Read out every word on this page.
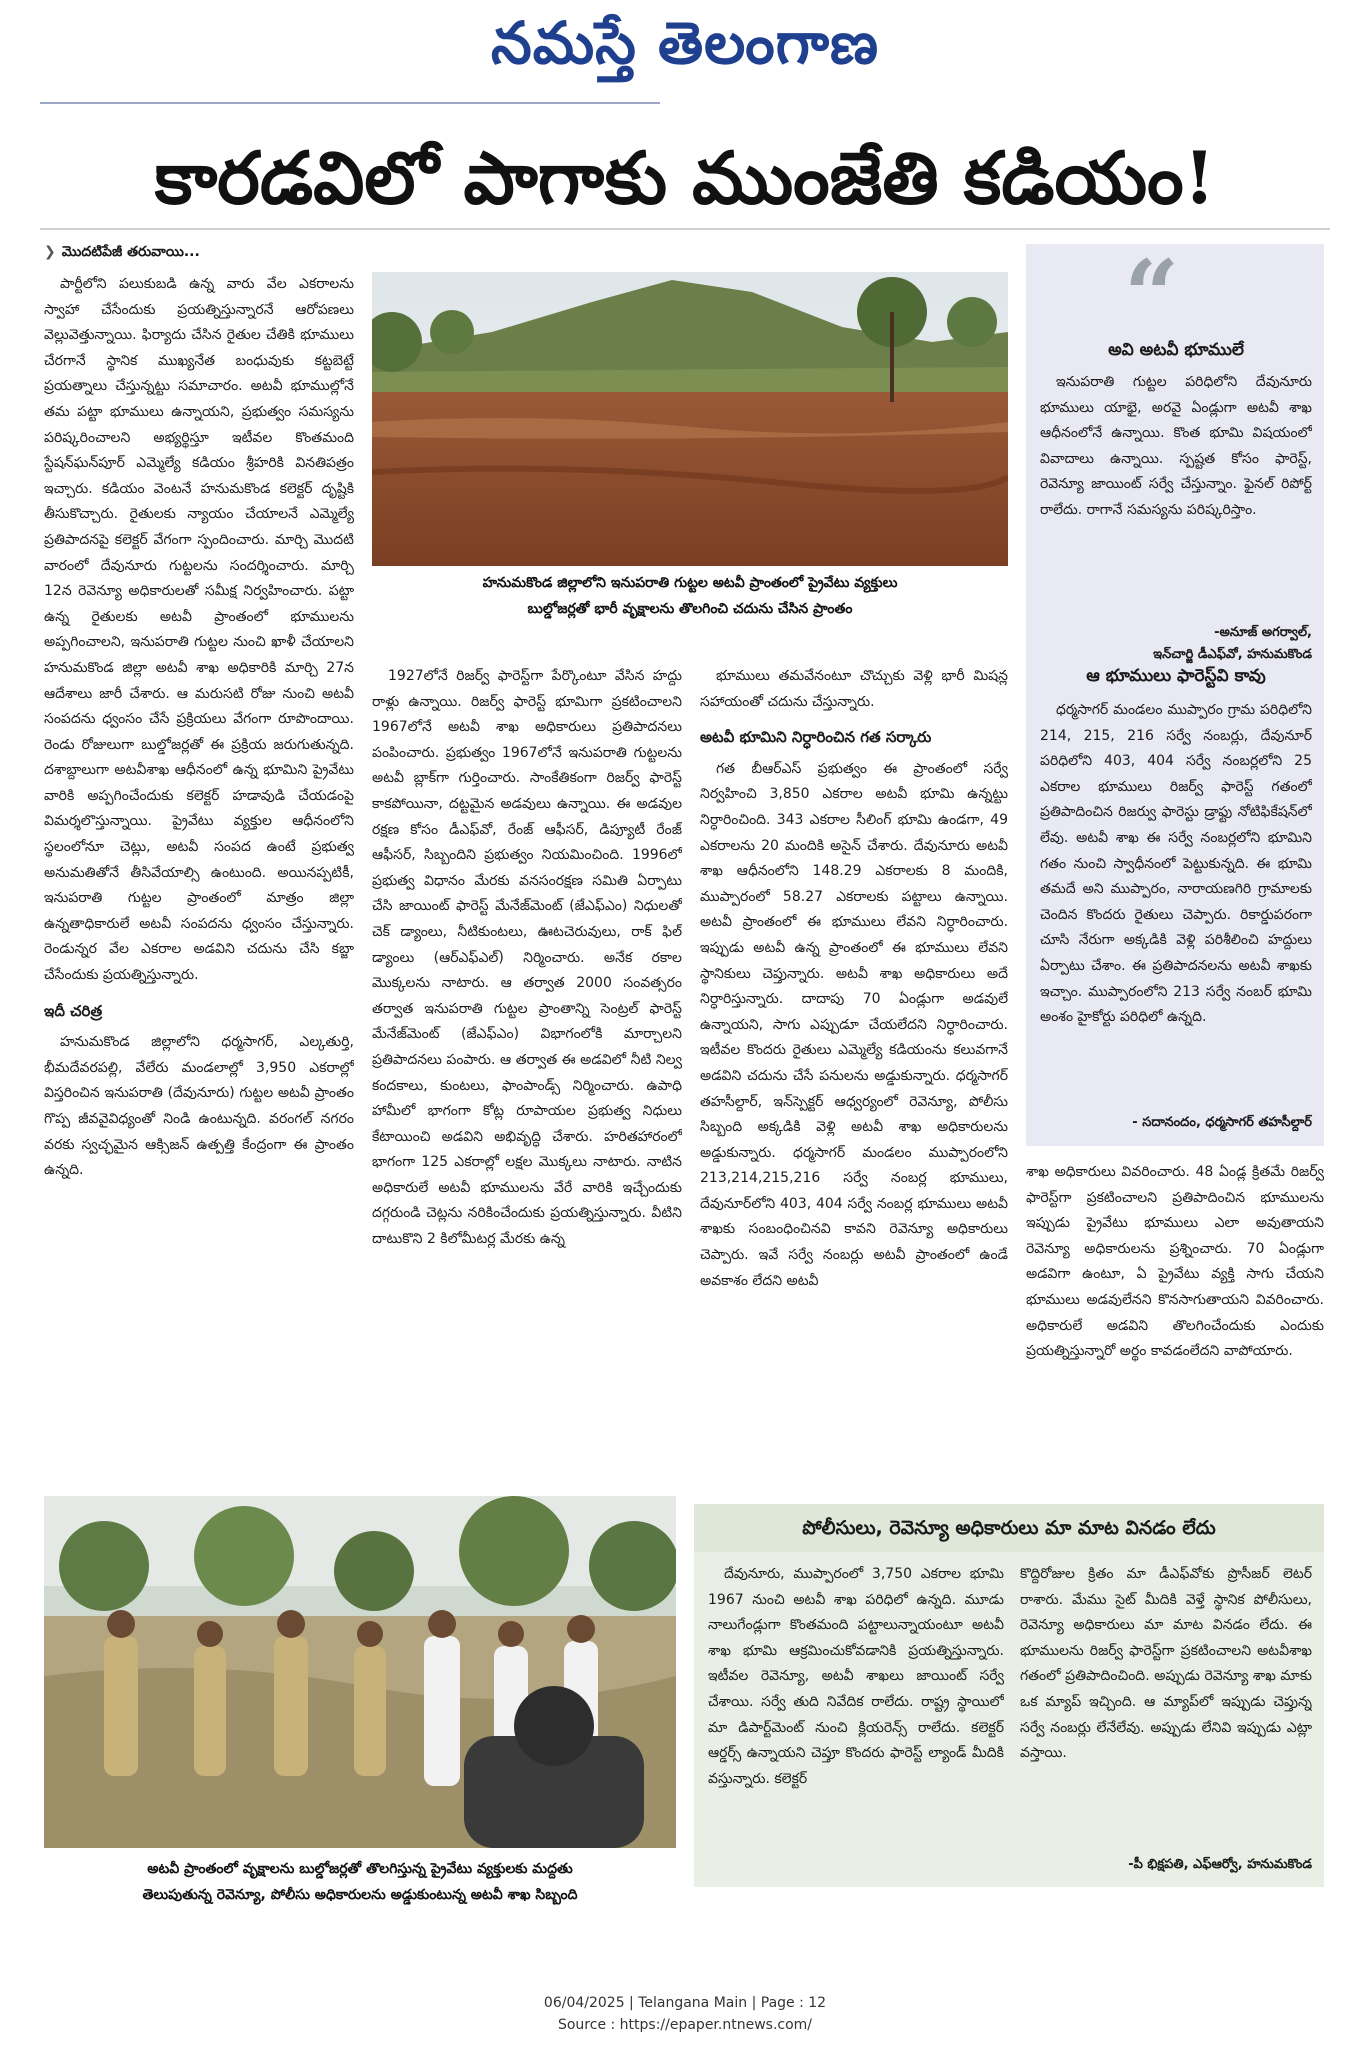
నమస్తే తెలంగాణ
కారడవిలో పాగాకు ముంజేతి కడియం!
❯ మొదటిపేజీ తరువాయి...

పార్టీలోని పలుకుబడి ఉన్న వారు వేల ఎకరాలను స్వాహా చేసేందుకు ప్రయత్నిస్తున్నారనే ఆరోపణలు వెల్లువెత్తున్నాయి. ఫిర్యాదు చేసిన రైతుల చేతికి భూములు చేరగానే స్థానిక ముఖ్యనేత బంధువుకు కట్టబెట్టే ప్రయత్నాలు చేస్తున్నట్టు సమాచారం. అటవీ భూముల్లోనే తమ పట్టా భూములు ఉన్నాయని, ప్రభుత్వం సమస్యను పరిష్కరించాలని అభ్యర్థిస్తూ ఇటీవల కొంతమంది స్టేషన్‌ఘన్‌పూర్ ఎమ్మెల్యే కడియం శ్రీహరికి వినతిపత్రం ఇచ్చారు. కడియం వెంటనే హనుమకొండ కలెక్టర్ దృష్టికి తీసుకొచ్చారు. రైతులకు న్యాయం చేయాలనే ఎమ్మెల్యే ప్రతిపాదనపై కలెక్టర్ వేగంగా స్పందించారు. మార్చి మొదటి వారంలో దేవునూరు గుట్టలను సందర్శించారు. మార్చి 12న రెవెన్యూ అధికారులతో సమీక్ష నిర్వహించారు. పట్టా ఉన్న రైతులకు అటవీ ప్రాంతంలో భూములను అప్పగించాలని, ఇనుపరాతి గుట్టల నుంచి ఖాళీ చేయాలని హనుమకొండ జిల్లా అటవీ శాఖ అధికారికి మార్చి 27న ఆదేశాలు జారీ చేశారు. ఆ మరుసటి రోజు నుంచి అటవీ సంపదను ధ్వంసం చేసే ప్రక్రియలు వేగంగా రూపొందాయి. రెండు రోజులుగా బుల్డోజర్లతో ఈ ప్రక్రియ జరుగుతున్నది. దశాబ్దాలుగా అటవీశాఖ ఆధీనంలో ఉన్న భూమిని ప్రైవేటు వారికి అప్పగించేందుకు కలెక్టర్ హడావుడి చేయడంపై విమర్శలొస్తున్నాయి. ప్రైవేటు వ్యక్తుల ఆధీనంలోని స్థలంలోనూ చెట్లు, అటవీ సంపద ఉంటే ప్రభుత్వ అనుమతితోనే తీసివేయాల్సి ఉంటుంది. అయినప్పటికీ, ఇనుపరాతి గుట్టల ప్రాంతంలో మాత్రం జిల్లా ఉన్నతాధికారులే అటవీ సంపదను ధ్వంసం చేస్తున్నారు. రెండున్నర వేల ఎకరాల అడవిని చదును చేసి కబ్జా చేసేందుకు ప్రయత్నిస్తున్నారు.

ఇదీ చరిత్ర

హనుమకొండ జిల్లాలోని ధర్మసాగర్, ఎల్కతుర్తి, భీమదేవరపల్లి, వేలేరు మండలాల్లో 3,950 ఎకరాల్లో విస్తరించిన ఇనుపరాతి (దేవునూరు) గుట్టల అటవీ ప్రాంతం గొప్ప జీవవైవిధ్యంతో నిండి ఉంటున్నది. వరంగల్ నగరం వరకు స్వచ్ఛమైన ఆక్సిజన్ ఉత్పత్తి కేంద్రంగా ఈ ప్రాంతం ఉన్నది.

హనుమకొండ జిల్లాలోని ఇనుపరాతి గుట్టల అటవీ ప్రాంతంలో ప్రైవేటు వ్యక్తులు
బుల్డోజర్లతో భారీ వృక్షాలను తొలగించి చదును చేసిన ప్రాంతం

1927లోనే రిజర్వ్ ఫారెస్ట్‌గా పేర్కొంటూ వేసిన హద్దు రాళ్లు ఉన్నాయి. రిజర్వ్ ఫారెస్ట్ భూమిగా ప్రకటించాలని 1967లోనే అటవీ శాఖ అధికారులు ప్రతిపాదనలు పంపించారు. ప్రభుత్వం 1967లోనే ఇనుపరాతి గుట్టలను అటవీ బ్లాక్‌గా గుర్తించారు. సాంకేతికంగా రిజర్వ్ ఫారెస్ట్ కాకపోయినా, దట్టమైన అడవులు ఉన్నాయి. ఈ అడవుల రక్షణ కోసం డీఎఫ్‌వో, రేంజ్ ఆఫీసర్, డిప్యూటీ రేంజ్ ఆఫీసర్, సిబ్బందిని ప్రభుత్వం నియమించింది. 1996లో ప్రభుత్వ విధానం మేరకు వనసంరక్షణ సమితి ఏర్పాటు చేసి జాయింట్ ఫారెస్ట్ మేనేజ్‌మెంట్ (జేఎఫ్‌ఎం) నిధులతో చెక్ డ్యాంలు, నీటికుంటలు, ఊటచెరువులు, రాక్ ఫిల్ డ్యాంలు (ఆర్‌ఎఫ్‌ఎల్) నిర్మించారు. అనేక రకాల మొక్కలను నాటారు. ఆ తర్వాత 2000 సంవత్సరం తర్వాత ఇనుపరాతి గుట్టల ప్రాంతాన్ని సెంట్రల్ ఫారెస్ట్ మేనేజ్‌మెంట్ (జేఎఫ్‌ఎం) విభాగంలోకి మార్చాలని ప్రతిపాదనలు పంపారు. ఆ తర్వాత ఈ అడవిలో నీటి నిల్వ కందకాలు, కుంటలు, ఫాంపాండ్స్ నిర్మించారు. ఉపాధి హామీలో భాగంగా కోట్ల రూపాయల ప్రభుత్వ నిధులు కేటాయించి అడవిని అభివృద్ధి చేశారు. హరితహారంలో భాగంగా 125 ఎకరాల్లో లక్షల మొక్కలు నాటారు. నాటిన అధికారులే అటవీ భూములను వేరే వారికి ఇచ్చేందుకు దగ్గరుండి చెట్లను నరికించేందుకు ప్రయత్నిస్తున్నారు. వీటిని దాటుకొని 2 కిలోమీటర్ల మేరకు ఉన్న

భూములు తమవేనంటూ చొచ్చుకు వెళ్లి భారీ మిషన్ల సహాయంతో చదును చేస్తున్నారు.

అటవీ భూమిని నిర్ధారించిన గత సర్కారు

గత బీఆర్‌ఎస్ ప్రభుత్వం ఈ ప్రాంతంలో సర్వే నిర్వహించి 3,850 ఎకరాల అటవీ భూమి ఉన్నట్టు నిర్ధారించింది. 343 ఎకరాల సీలింగ్ భూమి ఉండగా, 49 ఎకరాలను 20 మందికి అసైన్ చేశారు. దేవునూరు అటవీ శాఖ ఆధీనంలోని 148.29 ఎకరాలకు 8 మందికి, ముప్పారంలో 58.27 ఎకరాలకు పట్టాలు ఉన్నాయి. అటవీ ప్రాంతంలో ఈ భూములు లేవని నిర్ధారించారు. ఇప్పుడు అటవీ ఉన్న ప్రాంతంలో ఈ భూములు లేవని స్థానికులు చెప్తున్నారు. అటవీ శాఖ అధికారులు అదే నిర్ధారిస్తున్నారు. దాదాపు 70 ఏండ్లుగా అడవులే ఉన్నాయని, సాగు ఎప్పుడూ చేయలేదని నిర్ధారించారు. ఇటీవల కొందరు రైతులు ఎమ్మెల్యే కడియంను కలువగానే అడవిని చదును చేసే పనులను అడ్డుకున్నారు. ధర్మసాగర్ తహసీల్దార్, ఇన్‌స్పెక్టర్ ఆధ్వర్యంలో రెవెన్యూ, పోలీసు సిబ్బంది అక్కడికి వెళ్లి అటవీ శాఖ అధికారులను అడ్డుకున్నారు. ధర్మసాగర్ మండలం ముప్పారంలోని 213,214,215,216 సర్వే నంబర్ల భూములు, దేవునూర్‌లోని 403, 404 సర్వే నంబర్ల భూములు అటవీ శాఖకు సంబంధించినవి కావని రెవెన్యూ అధికారులు చెప్పారు. ఇవే సర్వే నంబర్లు అటవీ ప్రాంతంలో ఉండే అవకాశం లేదని అటవీ

“
అవి అటవీ భూములే

ఇనుపరాతి గుట్టల పరిధిలోని దేవునూరు భూములు యాభై, అరవై ఏండ్లుగా అటవీ శాఖ ఆధీనంలోనే ఉన్నాయి. కొంత భూమి విషయంలో వివాదాలు ఉన్నాయి. స్పష్టత కోసం ఫారెస్ట్, రెవెన్యూ జాయింట్ సర్వే చేస్తున్నాం. ఫైనల్ రిపోర్ట్ రాలేదు. రాగానే సమస్యను పరిష్కరిస్తాం.

-అనూజ్ అగర్వాల్,
ఇన్‌చార్జి డీఎఫ్‌వో, హనుమకొండ
ఆ భూములు ఫారెస్ట్‌వి కావు

ధర్మసాగర్ మండలం ముప్పారం గ్రామ పరిధిలోని 214, 215, 216 సర్వే నంబర్లు, దేవునూర్ పరిధిలోని 403, 404 సర్వే నంబర్లలోని 25 ఎకరాల భూములు రిజర్వ్ ఫారెస్ట్ గతంలో ప్రతిపాదించిన రిజర్వు ఫారెస్టు డ్రాఫ్టు నోటిఫికేషన్‌లో లేవు. అటవీ శాఖ ఈ సర్వే నంబర్లలోని భూమిని గతం నుంచి స్వాధీనంలో పెట్టుకున్నది. ఈ భూమి తమదే అని ముప్పారం, నారాయణగిరి గ్రామాలకు చెందిన కొందరు రైతులు చెప్పారు. రికార్డుపరంగా చూసి నేరుగా అక్కడికి వెళ్లి పరిశీలించి హద్దులు ఏర్పాటు చేశాం. ఈ ప్రతిపాదనలను అటవీ శాఖకు ఇచ్చాం. ముప్పారంలోని 213 సర్వే నంబర్ భూమి అంశం హైకోర్టు పరిధిలో ఉన్నది.

- సదానందం, ధర్మసాగర్ తహసీల్దార్

శాఖ అధికారులు వివరించారు. 48 ఏండ్ల క్రితమే రిజర్వ్ ఫారెస్ట్‌గా ప్రకటించాలని ప్రతిపాదించిన భూములను ఇప్పుడు ప్రైవేటు భూములు ఎలా అవుతాయని రెవెన్యూ అధికారులను ప్రశ్నించారు. 70 ఏండ్లుగా అడవిగా ఉంటూ, ఏ ప్రైవేటు వ్యక్తి సాగు చేయని భూములు అడవులేనని కొనసాగుతాయని వివరించారు. అధికారులే అడవిని తొలగించేందుకు ఎందుకు ప్రయత్నిస్తున్నారో అర్థం కావడంలేదని వాపోయారు.

అటవీ ప్రాంతంలో వృక్షాలను బుల్డోజర్లతో తొలగిస్తున్న ప్రైవేటు వ్యక్తులకు మద్దతు
తెలుపుతున్న రెవెన్యూ, పోలీసు అధికారులను అడ్డుకుంటున్న అటవీ శాఖ సిబ్బంది
పోలీసులు, రెవెన్యూ అధికారులు మా మాట వినడం లేదు

దేవునూరు, ముప్పారంలో 3,750 ఎకరాల భూమి 1967 నుంచి అటవీ శాఖ పరిధిలో ఉన్నది. మూడు నాలుగేండ్లుగా కొంతమంది పట్టాలున్నాయంటూ అటవీ శాఖ భూమి ఆక్రమించుకోవడానికి ప్రయత్నిస్తున్నారు. ఇటీవల రెవెన్యూ, అటవీ శాఖలు జాయింట్ సర్వే చేశాయి. సర్వే తుది నివేదిక రాలేదు. రాష్ట్ర స్థాయిలో మా డిపార్ట్‌మెంట్ నుంచి క్లియరెన్స్ రాలేదు. కలెక్టర్ ఆర్డర్స్ ఉన్నాయని చెప్తూ కొందరు ఫారెస్ట్ ల్యాండ్ మీదికి వస్తున్నారు. కలెక్టర్

కొద్దిరోజుల క్రితం మా డీఎఫ్‌వోకు ప్రొసీజర్ లెటర్ రాశారు. మేము సైట్ మీదికి వెళ్తే స్థానిక పోలీసులు, రెవెన్యూ అధికారులు మా మాట వినడం లేదు. ఈ భూములను రిజర్వ్ ఫారెస్ట్‌గా ప్రకటించాలని అటవీశాఖ గతంలో ప్రతిపాదించింది. అప్పుడు రెవెన్యూ శాఖ మాకు ఒక మ్యాప్ ఇచ్చింది. ఆ మ్యాప్‌లో ఇప్పుడు చెప్తున్న సర్వే నంబర్లు లేనేలేవు. అప్పుడు లేనివి ఇప్పుడు ఎట్లా వస్తాయి.

-పీ భిక్షపతి, ఎఫ్‌ఆర్వో, హనుమకొండ
06/04/2025 | Telangana Main | Page : 12
Source : https://epaper.ntnews.com/
